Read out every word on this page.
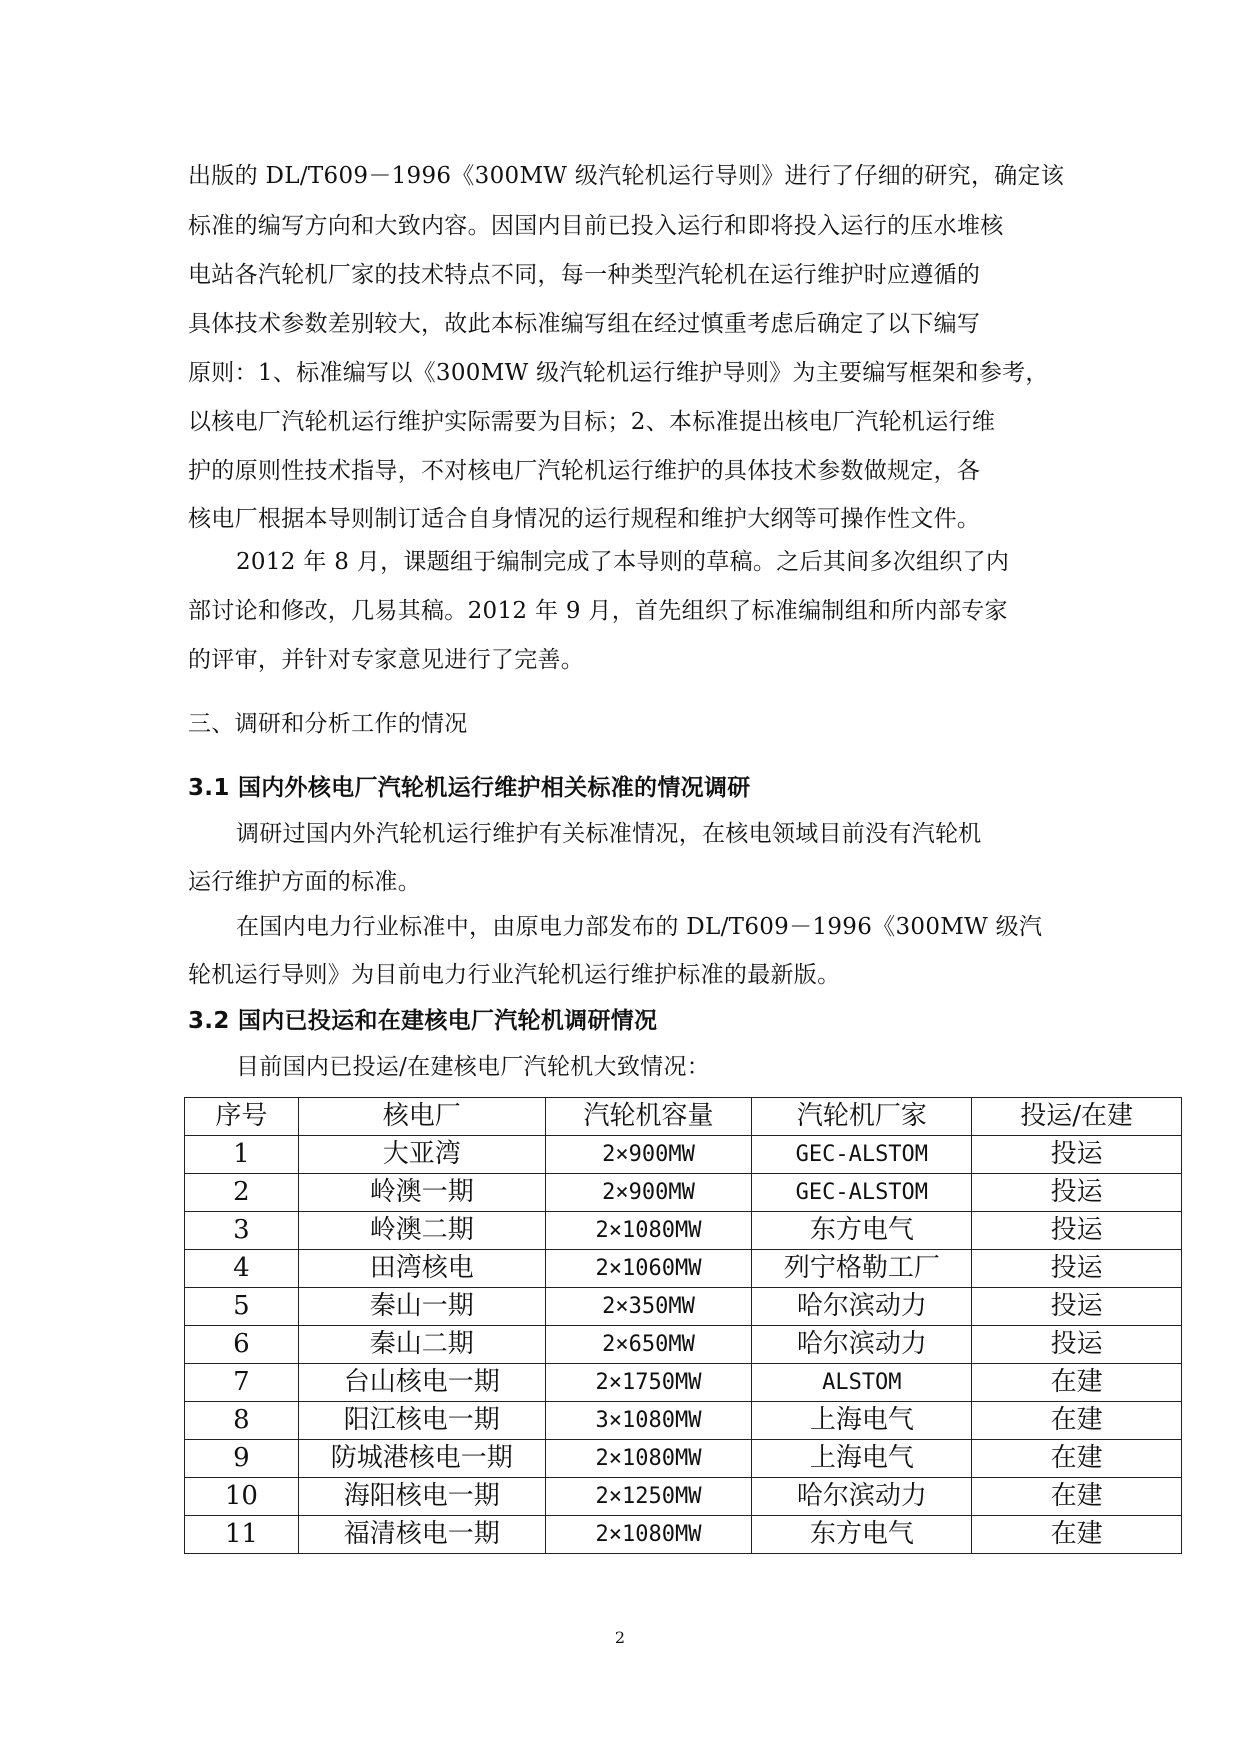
出版的 DL/T609－1996《300MW 级汽轮机运行导则》进行了仔细的研究，确定该
标准的编写方向和大致内容。因国内目前已投入运行和即将投入运行的压水堆核
电站各汽轮机厂家的技术特点不同，每一种类型汽轮机在运行维护时应遵循的
具体技术参数差别较大，故此本标准编写组在经过慎重考虑后确定了以下编写
原则：1、标准编写以《300MW 级汽轮机运行维护导则》为主要编写框架和参考，
以核电厂汽轮机运行维护实际需要为目标；2、本标准提出核电厂汽轮机运行维
护的原则性技术指导，不对核电厂汽轮机运行维护的具体技术参数做规定，各
核电厂根据本导则制订适合自身情况的运行规程和维护大纲等可操作性文件。
2012 年 8 月，课题组于编制完成了本导则的草稿。之后其间多次组织了内
部讨论和修改，几易其稿。2012 年 9 月，首先组织了标准编制组和所内部专家
的评审，并针对专家意见进行了完善。
三、调研和分析工作的情况
3.1 国内外核电厂汽轮机运行维护相关标准的情况调研
调研过国内外汽轮机运行维护有关标准情况，在核电领域目前没有汽轮机
运行维护方面的标准。
在国内电力行业标准中，由原电力部发布的 DL/T609－1996《300MW 级汽
轮机运行导则》为目前电力行业汽轮机运行维护标准的最新版。
3.2 国内已投运和在建核电厂汽轮机调研情况
目前国内已投运/在建核电厂汽轮机大致情况：
序号	核电厂	汽轮机容量	汽轮机厂家	投运/在建
1	大亚湾	2×900MW	GEC-ALSTOM	投运
2	岭澳一期	2×900MW	GEC-ALSTOM	投运
3	岭澳二期	2×1080MW	东方电气	投运
4	田湾核电	2×1060MW	列宁格勒工厂	投运
5	秦山一期	2×350MW	哈尔滨动力	投运
6	秦山二期	2×650MW	哈尔滨动力	投运
7	台山核电一期	2×1750MW	ALSTOM	在建
8	阳江核电一期	3×1080MW	上海电气	在建
9	防城港核电一期	2×1080MW	上海电气	在建
10	海阳核电一期	2×1250MW	哈尔滨动力	在建
11	福清核电一期	2×1080MW	东方电气	在建
2
